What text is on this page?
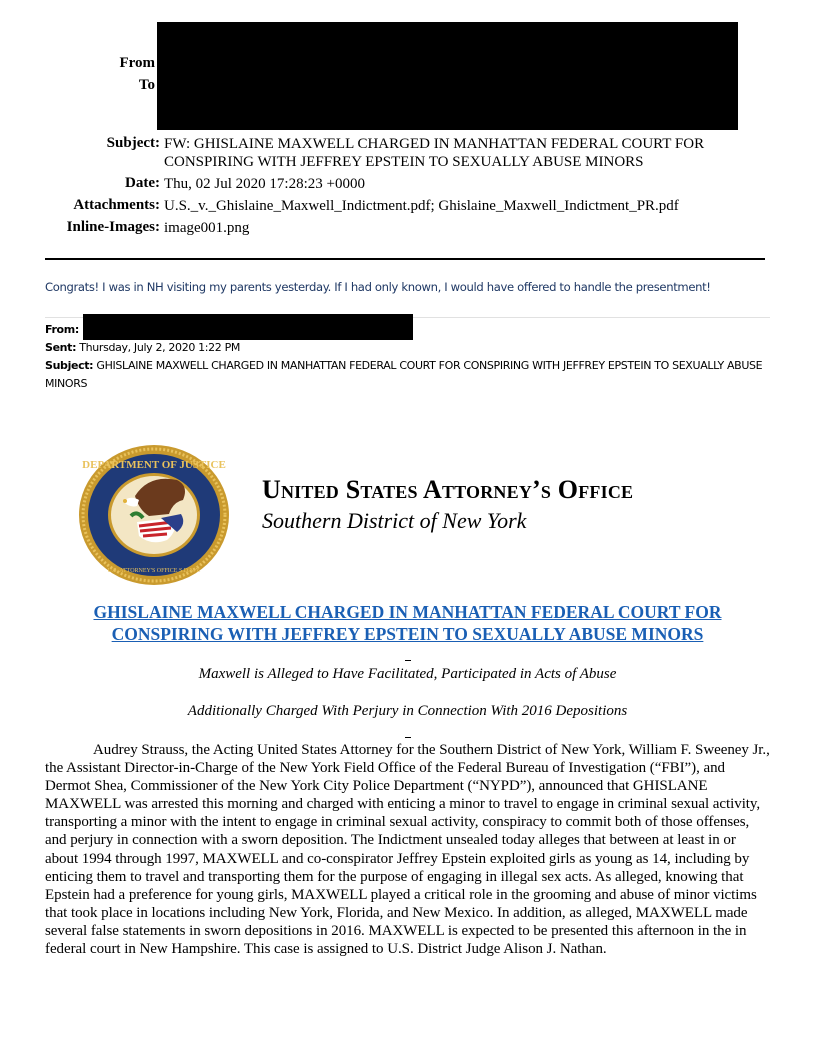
From
To
Subject: FW: GHISLAINE MAXWELL CHARGED IN MANHATTAN FEDERAL COURT FOR
CONSPIRING WITH JEFFREY EPSTEIN TO SEXUALLY ABUSE MINORS
Date: Thu, 02 Jul 2020 17:28:23 +0000
Attachments: U.S._v._Ghislaine_Maxwell_Indictment.pdf; Ghislaine_Maxwell_Indictment_PR.pdf
Inline-Images: image001.png
Congrats! I was in NH visiting my parents yesterday. If I had only known, I would have offered to handle the presentment!
From:
Sent: Thursday, July 2, 2020 1:22 PM
Subject: GHISLAINE MAXWELL CHARGED IN MANHATTAN FEDERAL COURT FOR CONSPIRING WITH JEFFREY EPSTEIN TO SEXUALLY ABUSE MINORS
DEPARTMENT OF JUSTICE
U.S. ATTORNEY'S OFFICE S.D.N.Y.
United States Attorney’s Office
Southern District of New York
GHISLAINE MAXWELL CHARGED IN MANHATTAN FEDERAL COURT FOR
CONSPIRING WITH JEFFREY EPSTEIN TO SEXUALLY ABUSE MINORS
Maxwell is Alleged to Have Facilitated, Participated in Acts of Abuse
Additionally Charged With Perjury in Connection With 2016 Depositions
Audrey Strauss, the Acting United States Attorney for the Southern District of New York, William F. Sweeney Jr., the Assistant Director-in-Charge of the New York Field Office of the Federal Bureau of Investigation (“FBI”), and Dermot Shea, Commissioner of the New York City Police Department (“NYPD”), announced that GHISLANE MAXWELL was arrested this morning and charged with enticing a minor to travel to engage in criminal sexual activity, transporting a minor with the intent to engage in criminal sexual activity, conspiracy to commit both of those offenses, and perjury in connection with a sworn deposition. The Indictment unsealed today alleges that between at least in or about 1994 through 1997, MAXWELL and co-conspirator Jeffrey Epstein exploited girls as young as 14, including by enticing them to travel and transporting them for the purpose of engaging in illegal sex acts. As alleged, knowing that Epstein had a preference for young girls, MAXWELL played a critical role in the grooming and abuse of minor victims that took place in locations including New York, Florida, and New Mexico. In addition, as alleged, MAXWELL made several false statements in sworn depositions in 2016. MAXWELL is expected to be presented this afternoon in the in federal court in New Hampshire. This case is assigned to U.S. District Judge Alison J. Nathan.
